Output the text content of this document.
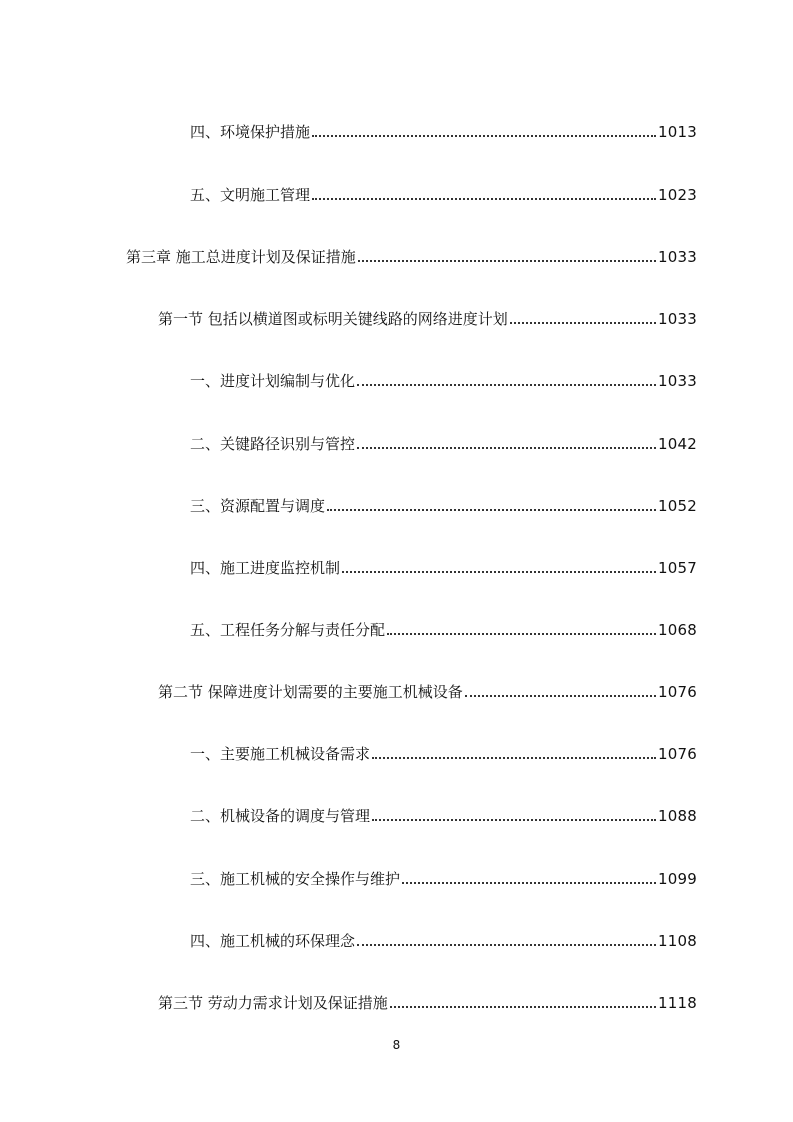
四、环境保护措施	1013
五、文明施工管理	1023
第三章 施工总进度计划及保证措施	1033
第一节 包括以横道图或标明关键线路的网络进度计划	1033
一、进度计划编制与优化	1033
二、关键路径识别与管控	1042
三、资源配置与调度	1052
四、施工进度监控机制	1057
五、工程任务分解与责任分配	1068
第二节 保障进度计划需要的主要施工机械设备	1076
一、主要施工机械设备需求	1076
二、机械设备的调度与管理	1088
三、施工机械的安全操作与维护	1099
四、施工机械的环保理念	1108
第三节 劳动力需求计划及保证措施	1118
8
